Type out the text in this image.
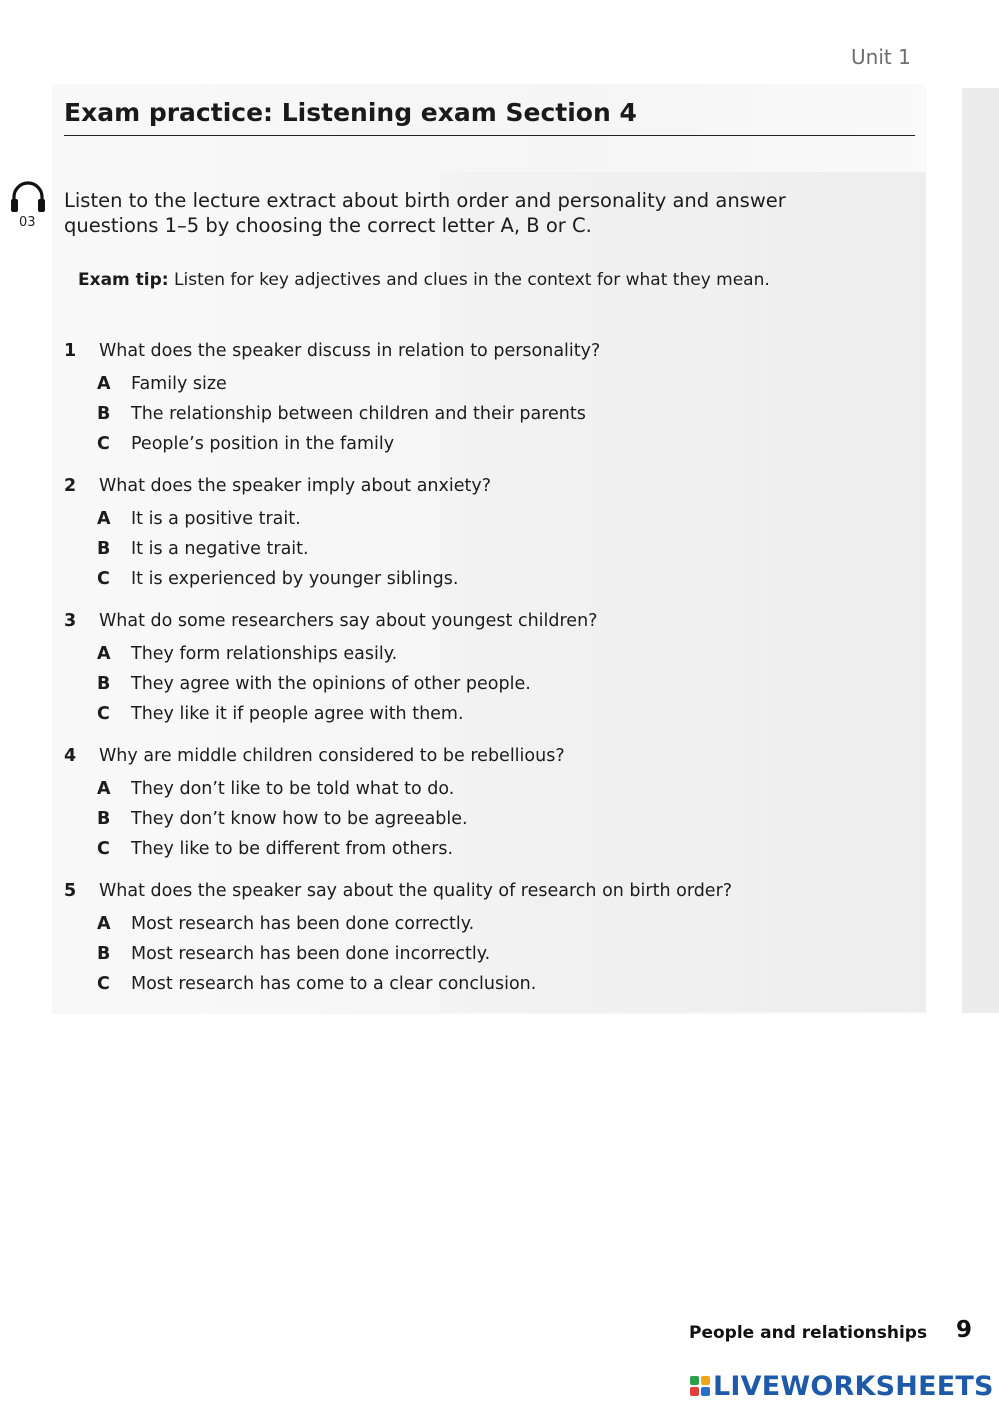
Unit 1
Exam practice: Listening exam Section 4
03
Listen to the lecture extract about birth order and personality and answer questions 1–5 by choosing the correct letter A, B or C.
Exam tip: Listen for key adjectives and clues in the context for what they mean.
1	What does the speaker discuss in relation to personality?
A Family size
B The relationship between children and their parents
C People’s position in the family
2	What does the speaker imply about anxiety?
A It is a positive trait.
B It is a negative trait.
C It is experienced by younger siblings.
3	What do some researchers say about youngest children?
A They form relationships easily.
B They agree with the opinions of other people.
C They like it if people agree with them.
4	Why are middle children considered to be rebellious?
A They don’t like to be told what to do.
B They don’t know how to be agreeable.
C They like to be different from others.
5	What does the speaker say about the quality of research on birth order?
A Most research has been done correctly.
B Most research has been done incorrectly.
C Most research has come to a clear conclusion.
People and relationships 9
LIVEWORKSHEETS
